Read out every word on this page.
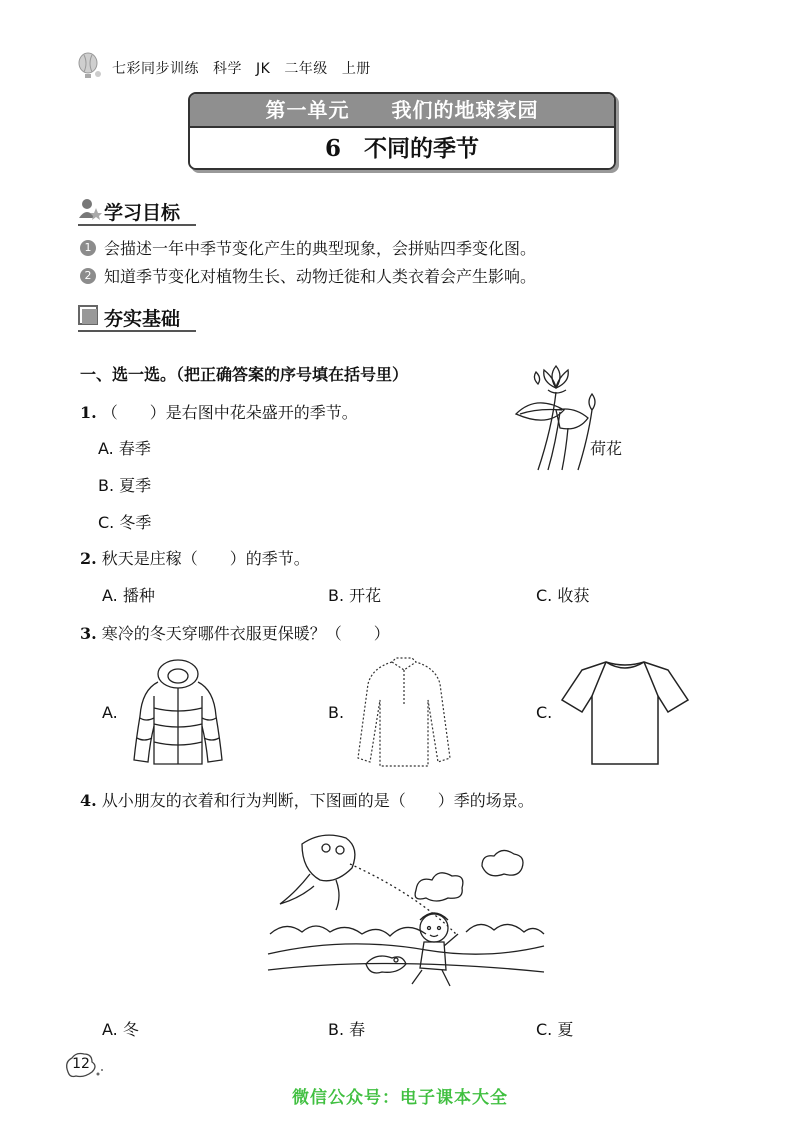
七彩同步训练 科学 JK 二年级 上册
第一单元　　我们的地球家园
6　不同的季节
学习目标
1 会描述一年中季节变化产生的典型现象，会拼贴四季变化图。
2 知道季节变化对植物生长、动物迁徙和人类衣着会产生影响。
夯实基础
一、选一选。（把正确答案的序号填在括号里）
1. （　　）是右图中花朵盛开的季节。
A. 春季
B. 夏季
C. 冬季
荷花
2. 秋天是庄稼（　　）的季节。
A. 播种	B. 开花	C. 收获
3. 寒冷的冬天穿哪件衣服更保暖？（　　）
A.	B.	C.
4. 从小朋友的衣着和行为判断，下图画的是（　　）季的场景。
A. 冬	B. 春	C. 夏
12
微信公众号：电子课本大全
